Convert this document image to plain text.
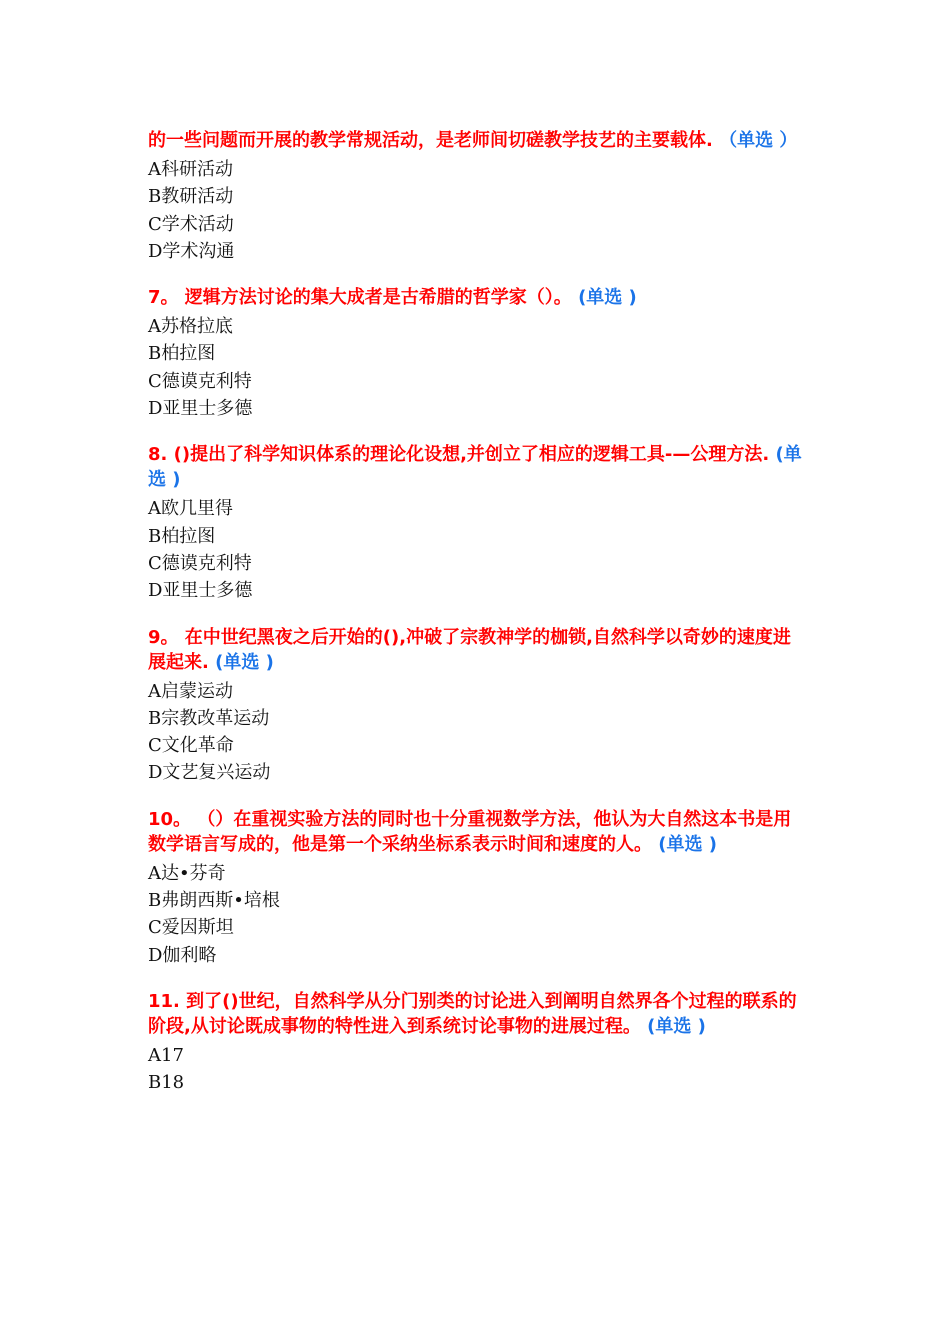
的一些问题而开展的教学常规活动，是老师间切磋教学技艺的主要载体. （单选 ）

A科研活动

B教研活动

C学术活动

D学术沟通

7。 逻辑方法讨论的集大成者是古希腊的哲学家（）。 (单选 )

A苏格拉底

B柏拉图

C德谟克利特

D亚里士多德

8. ()提出了科学知识体系的理论化设想,并创立了相应的逻辑工具-—公理方法. (单选 )

A欧几里得

B柏拉图

C德谟克利特

D亚里士多德

9。 在中世纪黑夜之后开始的(),冲破了宗教神学的枷锁,自然科学以奇妙的速度进展起来. (单选 )

A启蒙运动

B宗教改革运动

C文化革命

D文艺复兴运动

10。 （）在重视实验方法的同时也十分重视数学方法，他认为大自然这本书是用数学语言写成的，他是第一个采纳坐标系表示时间和速度的人。 (单选 )

A达•芬奇

B弗朗西斯•培根

C爱因斯坦

D伽利略

11. 到了()世纪，自然科学从分门别类的讨论进入到阐明自然界各个过程的联系的阶段,从讨论既成事物的特性进入到系统讨论事物的进展过程。 (单选 )

A17

B18
